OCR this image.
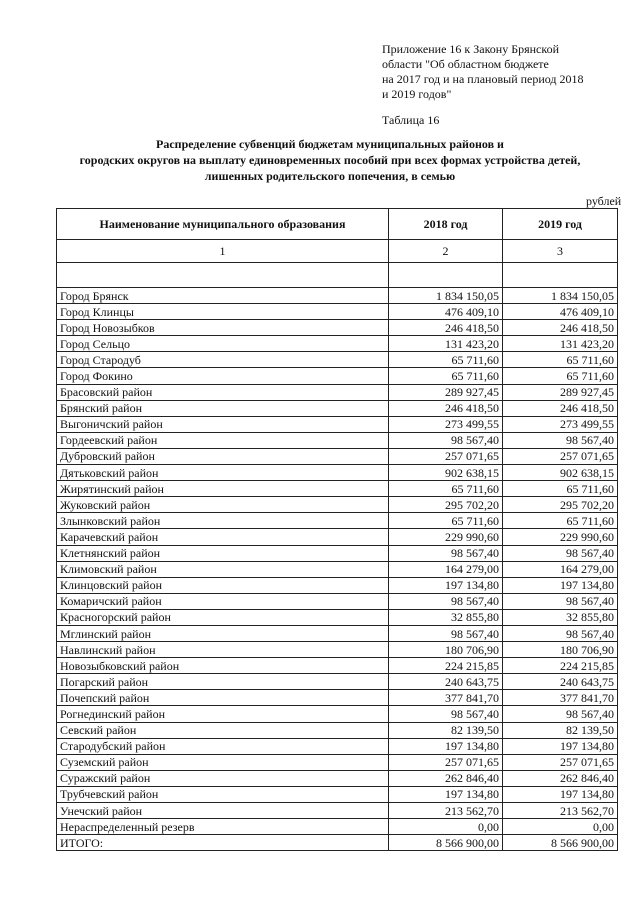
Приложение 16 к Закону Брянской
области "Об областном бюджете
на 2017 год и на плановый период 2018
и 2019 годов"
Таблица 16
Распределение субвенций бюджетам муниципальных районов и
городских округов на выплату единовременных пособий при всех формах устройства детей,
лишенных родительского попечения, в семью
рублей
Наименование муниципального образования	2018 год	2019 год
1	2	3

Город Брянск	1 834 150,05	1 834 150,05
Город Клинцы	476 409,10	476 409,10
Город Новозыбков	246 418,50	246 418,50
Город Сельцо	131 423,20	131 423,20
Город Стародуб	65 711,60	65 711,60
Город Фокино	65 711,60	65 711,60
Брасовский район	289 927,45	289 927,45
Брянский район	246 418,50	246 418,50
Выгоничский район	273 499,55	273 499,55
Гордеевский район	98 567,40	98 567,40
Дубровский район	257 071,65	257 071,65
Дятьковский район	902 638,15	902 638,15
Жирятинский район	65 711,60	65 711,60
Жуковский район	295 702,20	295 702,20
Злынковский район	65 711,60	65 711,60
Карачевский район	229 990,60	229 990,60
Клетнянский район	98 567,40	98 567,40
Климовский район	164 279,00	164 279,00
Клинцовский район	197 134,80	197 134,80
Комаричский район	98 567,40	98 567,40
Красногорский район	32 855,80	32 855,80
Мглинский район	98 567,40	98 567,40
Навлинский район	180 706,90	180 706,90
Новозыбковский район	224 215,85	224 215,85
Погарский район	240 643,75	240 643,75
Почепский район	377 841,70	377 841,70
Рогнединский район	98 567,40	98 567,40
Севский район	82 139,50	82 139,50
Стародубский район	197 134,80	197 134,80
Суземский район	257 071,65	257 071,65
Суражский район	262 846,40	262 846,40
Трубчевский район	197 134,80	197 134,80
Унечский район	213 562,70	213 562,70
Нераспределенный резерв	0,00	0,00
ИТОГО:	8 566 900,00	8 566 900,00
